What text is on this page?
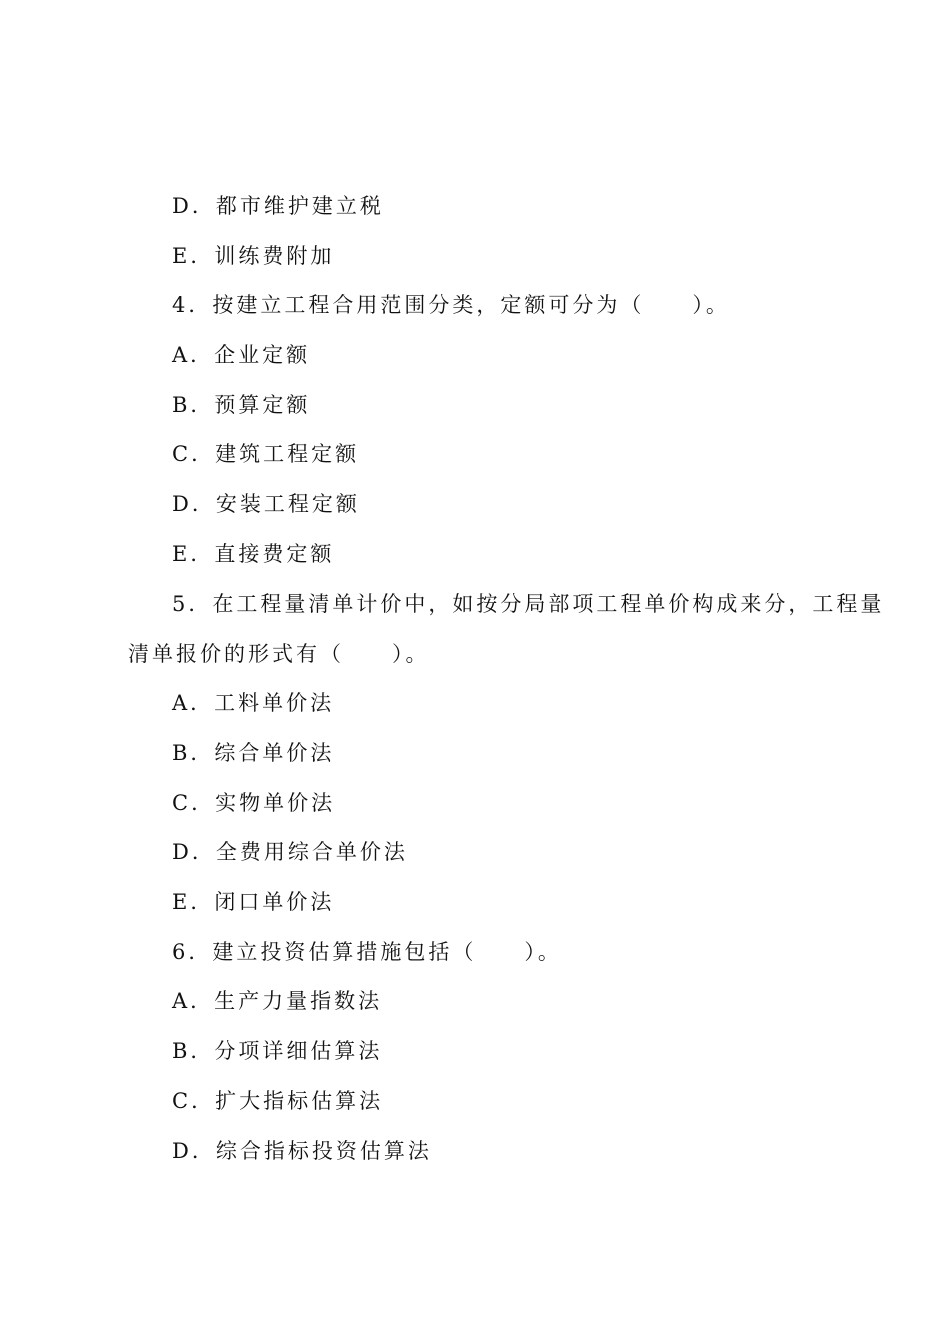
D．都市维护建立税
E．训练费附加
4．按建立工程合用范围分类，定额可分为（　　）。
A．企业定额
B．预算定额
C．建筑工程定额
D．安装工程定额
E．直接费定额
5．在工程量清单计价中，如按分局部项工程单价构成来分，工程量
清单报价的形式有（　　）。
A．工料单价法
B．综合单价法
C．实物单价法
D．全费用综合单价法
E．闭口单价法
6．建立投资估算措施包括（　　）。
A．生产力量指数法
B．分项详细估算法
C．扩大指标估算法
D．综合指标投资估算法
